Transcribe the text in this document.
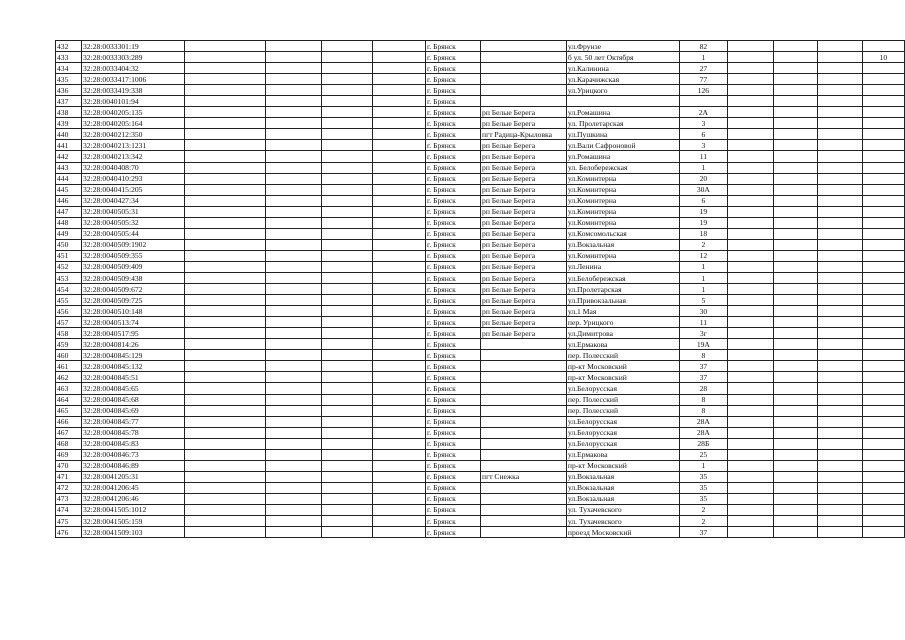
432	32:28:0033301:19					г. Брянск		ул.Фрунзе	82				
433	32:28:0033303:289					г. Брянск		б ул. 50 лет Октября	1				10
434	32:28:0033404:32					г. Брянск		ул.Калинина	27				
435	32:28:0033417:1006					г. Брянск		ул.Карачижская	77				
436	32:28:0033419:338					г. Брянск		ул.Урицкого	126				
437	32:28:0040101:94					г. Брянск							
438	32:28:0040205:135					г. Брянск	рп Белые Берега	ул.Ромашина	2А				
439	32:28:0040205:164					г. Брянск	рп Белые Берега	ул. Пролетарская	3				
440	32:28:0040212:350					г. Брянск	пгт Радица-Крыловка	ул.Пушкина	6				
441	32:28:0040213:1231					г. Брянск	рп Белые Берега	ул.Вали Сафроновой	3				
442	32:28:0040213:342					г. Брянск	рп Белые Берега	ул.Ромашина	11				
443	32:28:0040408:70					г. Брянск	рп Белые Берега	ул. Белобережская	1				
444	32:28:0040410:293					г. Брянск	рп Белые Берега	ул.Коминтерна	20				
445	32:28:0040415:205					г. Брянск	рп Белые Берега	ул.Коминтерна	30А				
446	32:28:0040427:34					г. Брянск	рп Белые Берега	ул.Коминтерна	6				
447	32:28:0040505:31					г. Брянск	рп Белые Берега	ул.Коминтерна	19				
448	32:28:0040505:32					г. Брянск	рп Белые Берега	ул.Коминтерна	19				
449	32:28:0040505:44					г. Брянск	рп Белые Берега	ул.Комсомольская	18				
450	32:28:0040509:1902					г. Брянск	рп Белые Берега	ул.Вокзальная	2				
451	32:28:0040509:355					г. Брянск	рп Белые Берега	ул.Коминтерна	12				
452	32:28:0040509:409					г. Брянск	рп Белые Берега	ул.Ленина	1				
453	32:28:0040509:438					г. Брянск	рп Белые Берега	ул.Белобережская	1				
454	32:28:0040509:672					г. Брянск	рп Белые Берега	ул.Пролетарская	1				
455	32:28:0040509:725					г. Брянск	рп Белые Берега	ул.Привокзальная	5				
456	32:28:0040510:148					г. Брянск	рп Белые Берега	ул.1 Мая	30				
457	32:28:0040513:74					г. Брянск	рп Белые Берега	пер. Урицкого	11				
458	32:28:0040517:95					г. Брянск	рп Белые Берега	ул.Димитрова	3г				
459	32:28:0040814:26					г. Брянск		ул.Ермакова	19А				
460	32:28:0040845:129					г. Брянск		пер. Полесский	8				
461	32:28:0040845:132					г. Брянск		пр-кт Московский	37				
462	32:28:0040845:51					г. Брянск		пр-кт Московский	37				
463	32:28:0040845:65					г. Брянск		ул.Белорусская	28				
464	32:28:0040845:68					г. Брянск		пер. Полесский	8				
465	32:28:0040845:69					г. Брянск		пер. Полесский	8				
466	32:28:0040845:77					г. Брянск		ул.Белорусская	28А				
467	32:28:0040845:78					г. Брянск		ул.Белорусская	28А				
468	32:28:0040845:83					г. Брянск		ул.Белорусская	28Б				
469	32:28:0040846:73					г. Брянск		ул.Ермакова	25				
470	32:28:0040846:89					г. Брянск		пр-кт Московский	1				
471	32:28:0041205:31					г. Брянск	пгт Снежка	ул.Вокзальная	35				
472	32:28:0041206:45					г. Брянск		ул.Вокзальная	35				
473	32:28:0041206:46					г. Брянск		ул.Вокзальная	35				
474	32:28:0041505:1012					г. Брянск		ул. Тухачевского	2				
475	32:28:0041505:159					г. Брянск		ул. Тухачевского	2				
476	32:28:0041509:103					г. Брянск		проезд Московский	37				
